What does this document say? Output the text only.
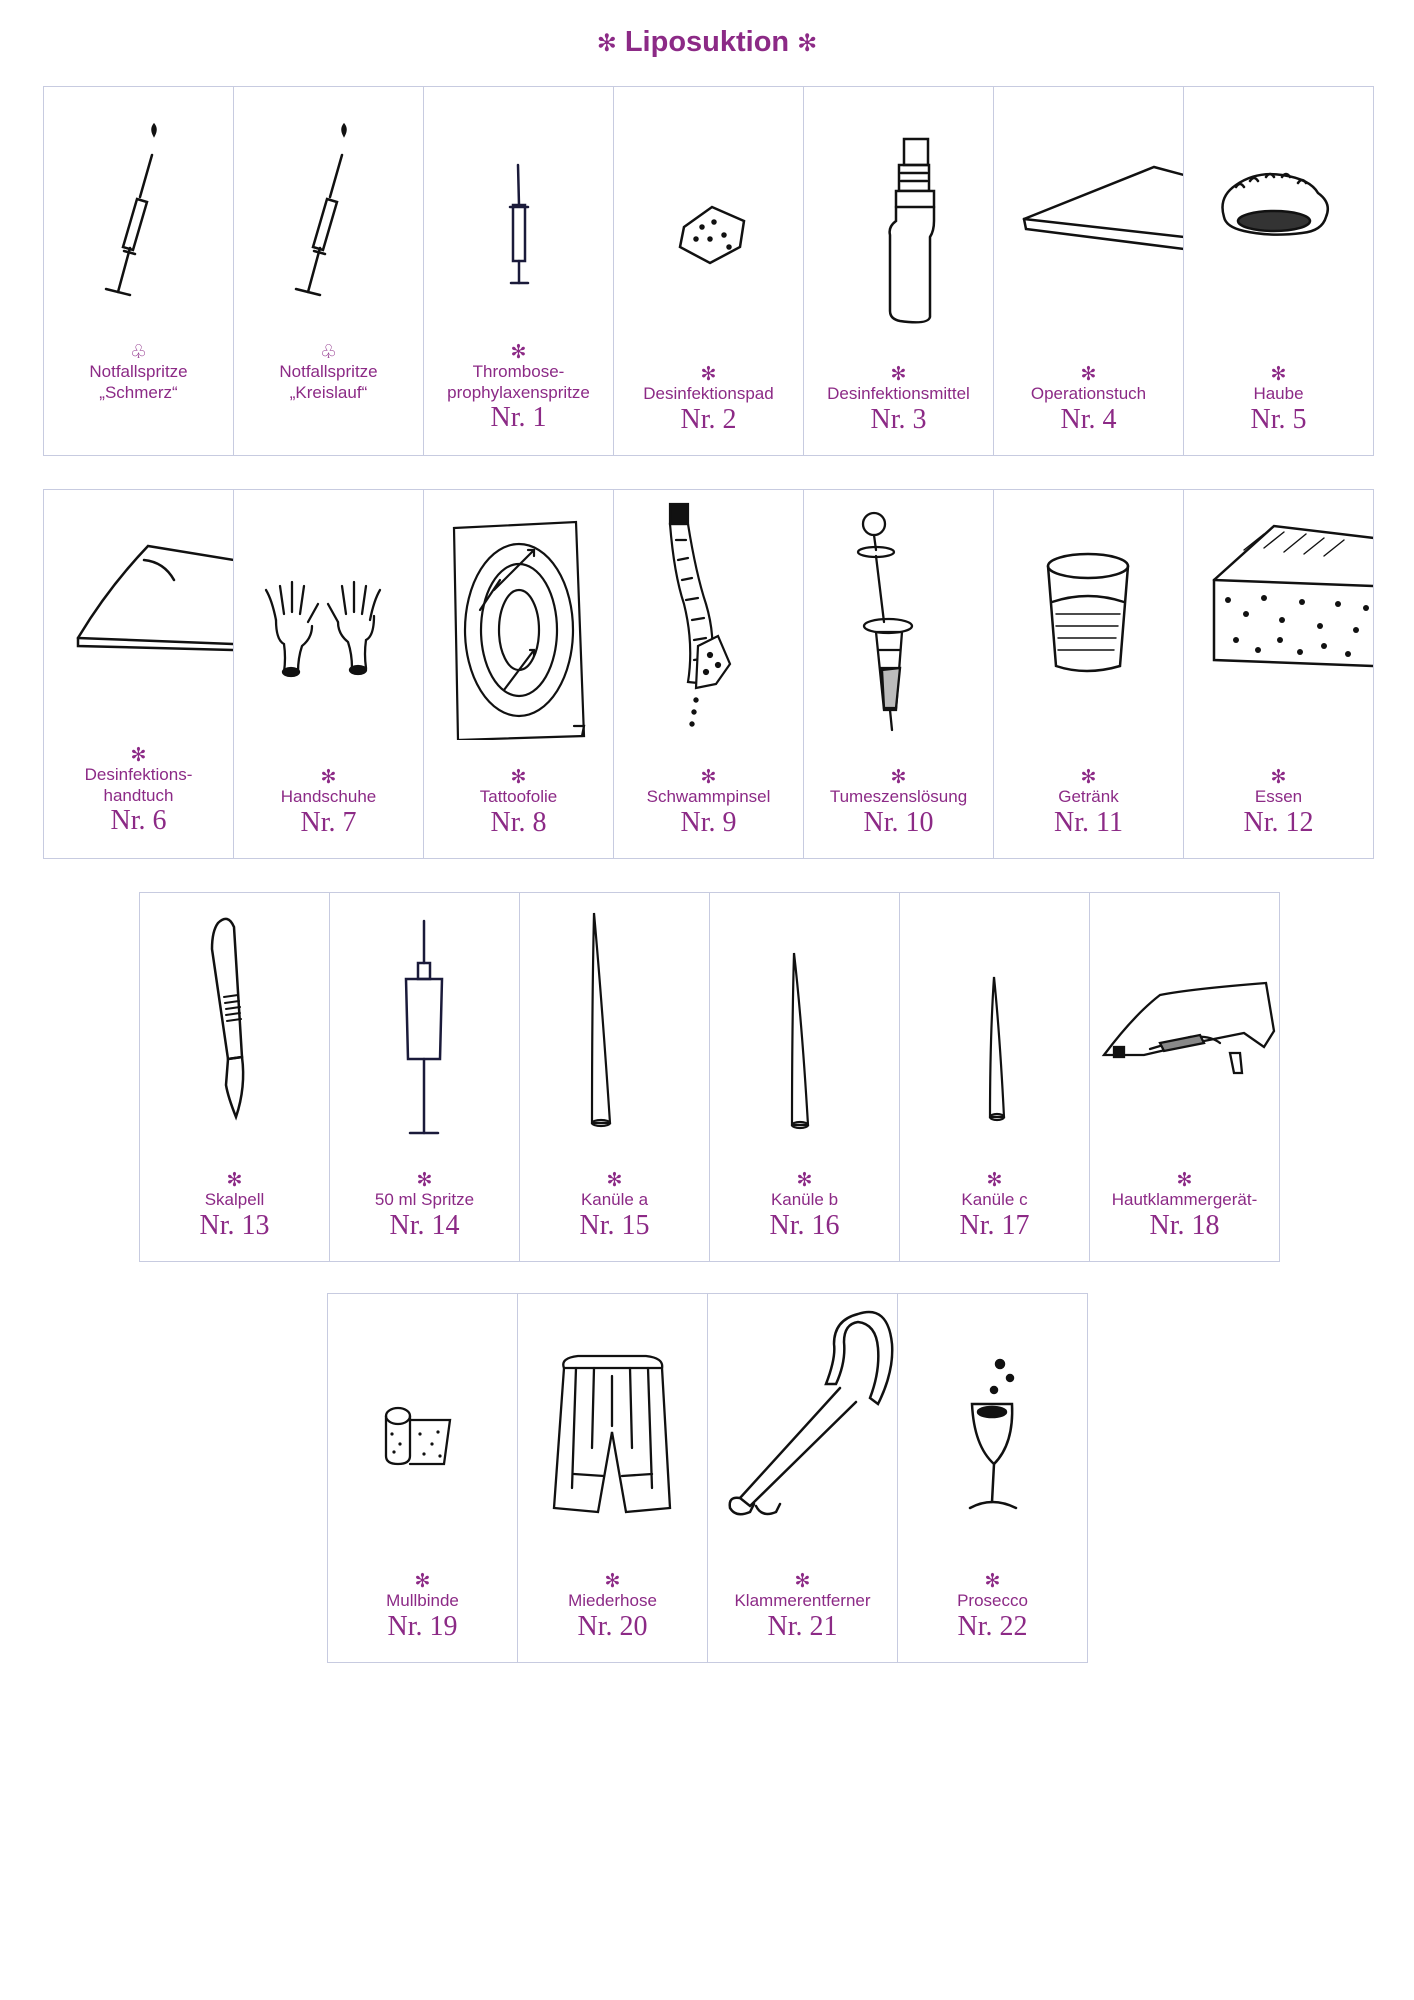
✻ Liposuktion ✻
♧
Notfallspritze
„Schmerz“
♧
Notfallspritze
„Kreislauf“
✻
Thrombose-
prophylaxenspritze
Nr. 1
✻
Desinfektionspad
Nr. 2
✻
Desinfektionsmittel
Nr. 3
✻
Operationstuch
Nr. 4
✻
Haube
Nr. 5
✻
Desinfektions-
handtuch
Nr. 6
✻
Handschuhe
Nr. 7
✻
Tattoofolie
Nr. 8
✻
Schwammpinsel
Nr. 9
✻
Tumeszenslösung
Nr. 10
✻
Getränk
Nr. 11
✻
Essen
Nr. 12
✻
Skalpell
Nr. 13
✻
50 ml Spritze
Nr. 14
✻
Kanüle a
Nr. 15
✻
Kanüle b
Nr. 16
✻
Kanüle c
Nr. 17
✻
Hautklammergerät-
Nr. 18
✻
Mullbinde
Nr. 19
✻
Miederhose
Nr. 20
✻
Klammerentferner
Nr. 21
✻
Prosecco
Nr. 22
